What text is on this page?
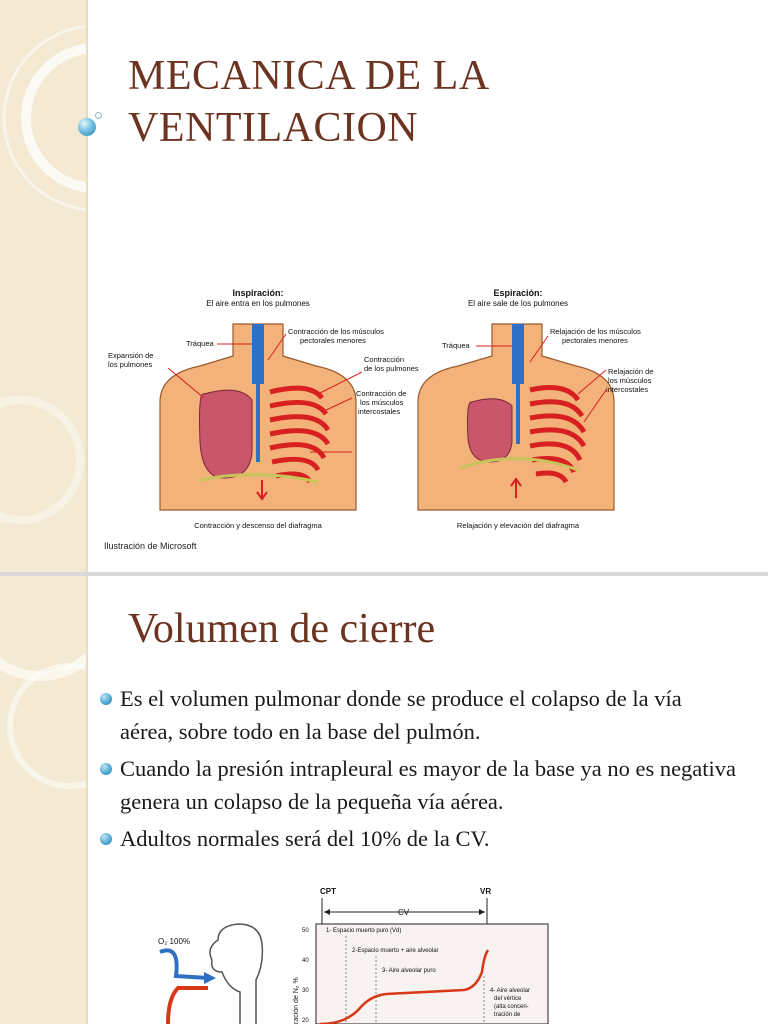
MECANICA DE LA
VENTILACION
Inspiración:
El aire entra en los pulmones
Tráquea
Expansión de
los pulmones
Contracción de los músculos
pectorales menores
Contracción
de los pulmones
Contracción de
los músculos
intercostales
Contracción y descenso del diafragma
Espiración:
El aire sale de los pulmones
Tráquea
Relajación de los músculos
pectorales menores
Relajación de
los músculos
intercostales
Relajación y elevación del diafragma
Ilustración de Microsoft
Volumen de cierre
Es el volumen pulmonar donde se produce el colapso de la vía aérea, sobre todo en la base del pulmón.
Cuando la presión intrapleural es mayor de la base ya no es negativa genera un colapso de la pequeña vía aérea.
Adultos normales será del 10% de la CV.
O₂ 100%
CPT	VR
CV
50
40
30
20
ración de N₂ %
1- Espacio muerto puro (Vd)
2-Espacio muerto + aire alveolar
3- Aire alveolar puro
4- Aire alveolar
del vértice
(alta concen-
tración de
